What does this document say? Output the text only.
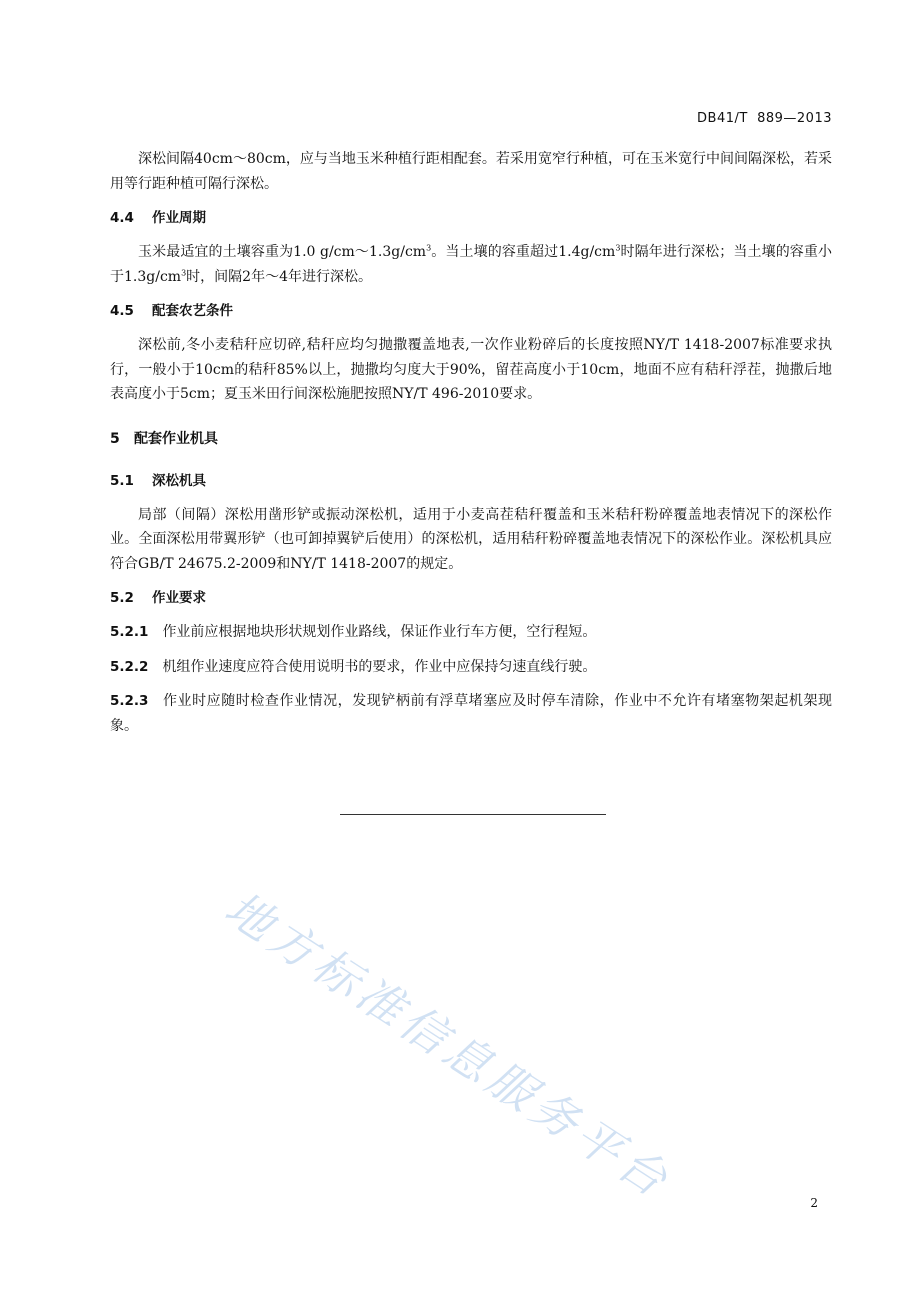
DB41/T  889—2013

深松间隔40cm～80cm，应与当地玉米种植行距相配套。若采用宽窄行种植，可在玉米宽行中间间隔深松，若采用等行距种植可隔行深松。

4.4 作业周期

玉米最适宜的土壤容重为1.0 $g/cm\sim 1.3g/cm^3$。当土壤的容重超过$1.4g/cm^3$时隔年进行深松；当土壤的容重小于$1.3g/cm^3$时，间隔2年～4年进行深松。

4.5 配套农艺条件

深松前,冬小麦秸秆应切碎,秸秆应均匀抛撒覆盖地表,一次作业粉碎后的长度按照NY/T 1418-2007标准要求执行，一般小于10cm的秸秆85%以上，抛撒均匀度大于90%，留茬高度小于10cm，地面不应有秸秆浮茬，抛撒后地表高度小于5cm；夏玉米田行间深松施肥按照NY/T 496-2010要求。

5 配套作业机具
5.1 深松机具

局部（间隔）深松用凿形铲或振动深松机，适用于小麦高茬秸秆覆盖和玉米秸秆粉碎覆盖地表情况下的深松作业。全面深松用带翼形铲（也可卸掉翼铲后使用）的深松机，适用秸秆粉碎覆盖地表情况下的深松作业。深松机具应符合GB/T 24675.2-2009和NY/T 1418-2007的规定。

5.2 作业要求

5.2.1 作业前应根据地块形状规划作业路线，保证作业行车方便，空行程短。

5.2.2 机组作业速度应符合使用说明书的要求，作业中应保持匀速直线行驶。

5.2.3 作业时应随时检查作业情况，发现铲柄前有浮草堵塞应及时停车清除，作业中不允许有堵塞物架起机架现象。

地方标准信息服务平台	2
